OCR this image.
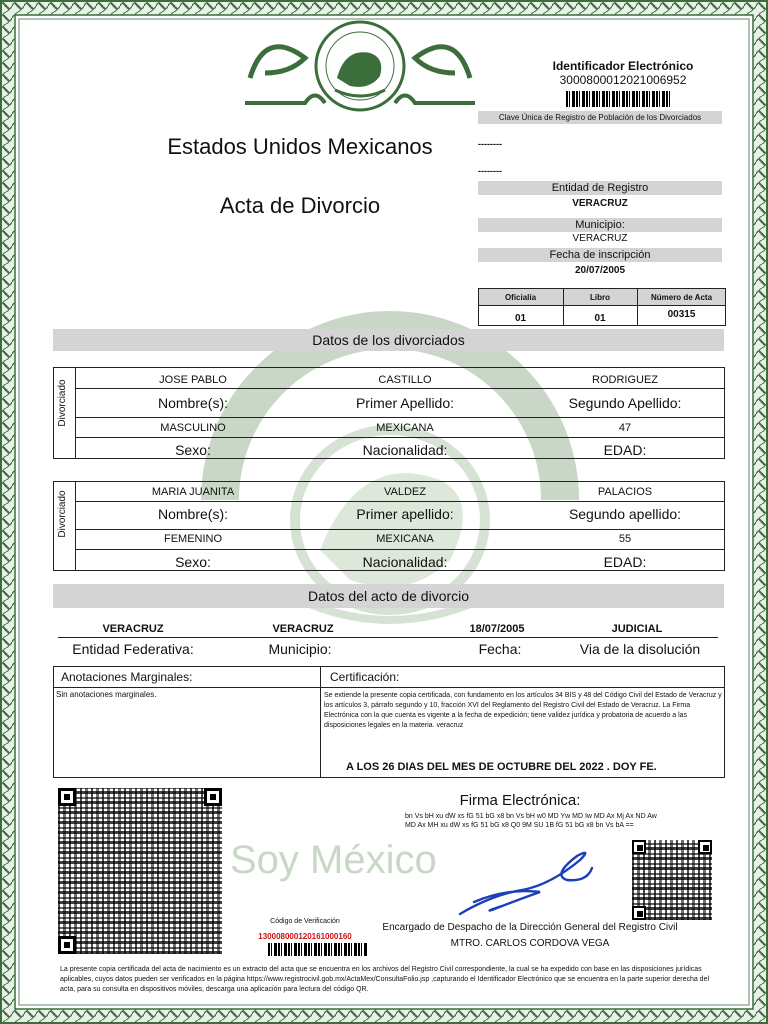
Identificador Electrónico
3000800012021006952
Clave Única de Registro de Población de los Divorciados
--------
--------
Estados Unidos Mexicanos
Acta de Divorcio
Entidad de Registro
VERACRUZ
Municipio:
VERACRUZ
Fecha de inscripción
20/07/2005
Oficialía	Libro	Número de Acta
01	01	00315
Datos de los divorciados
Divorciado	JOSE PABLO	CASTILLO	RODRIGUEZ
Nombre(s):	Primer Apellido:	Segundo Apellido:
MASCULINO	MEXICANA	47
Sexo:	Nacionalidad:	EDAD:
Divorciado	MARIA JUANITA	VALDEZ	PALACIOS
Nombre(s):	Primer apellido:	Segundo apellido:
FEMENINO	MEXICANA	55
Sexo:	Nacionalidad:	EDAD:
Datos del acto de divorcio
VERACRUZ	VERACRUZ	18/07/2005	JUDICIAL
Entidad Federativa:	Municipio:	Fecha:	Via de la disolución
Anotaciones Marginales:	Certificación:
Sin anotaciones marginales.	Se extiende la presente copia certificada, con fundamento en los artículos 34 BIS y 48 del Código Civil del Estado de Veracruz y los artículos 3, párrafo segundo y 10, fracción XVI del Reglamento del Registro Civil del Estado de Veracruz. La Firma Electrónica con la que cuenta es vigente a la fecha de expedición; tiene validez jurídica y probatoria de acuerdo a las disposiciones legales en la materia. veracruz
A LOS 26 DIAS DEL MES DE OCTUBRE DEL 2022 . DOY FE.
Soy México
Firma Electrónica:
bn Vs bH xu dW xs fG 51 bG x8 bn Vs bH w0 MD Yw MD Iw MD Ax Mj Ax ND Aw MD Ax MH xu dW xs fG 51 bG x8 Q0 9M SU 1B fG 51 bG x8 bn Vs bA ==
Código de Verificación
130008000120161000160
Encargado de Despacho de la Dirección General del Registro Civil
MTRO. CARLOS CORDOVA VEGA
La presente copia certificada del acta de nacimiento es un extracto del acta que se encuentra en los archivos del Registro Civil correspondiente, la cual se ha expedido con base en las disposiciones jurídicas aplicables, cuyos datos pueden ser verificados en la página https://www.registrocivil.gob.mx/ActaMex/ConsultaFolio.jsp ,capturando el Identificador Electrónico que se encuentra en la parte superior derecha del acta, para su consulta en dispositivos móviles, descarga una aplicación para lectura del código QR.
